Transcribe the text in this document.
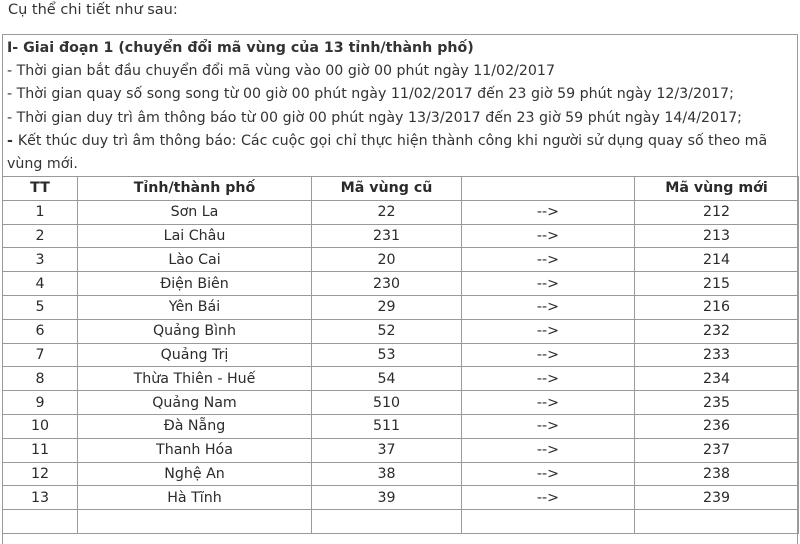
Cụ thể chi tiết như sau:
I- Giai đoạn 1 (chuyển đổi mã vùng của 13 tỉnh/thành phố)
- Thời gian bắt đầu chuyển đổi mã vùng vào 00 giờ 00 phút ngày 11/02/2017
- Thời gian quay số song song từ 00 giờ 00 phút ngày 11/02/2017 đến 23 giờ 59 phút ngày 12/3/2017;
- Thời gian duy trì âm thông báo từ 00 giờ 00 phút ngày 13/3/2017 đến 23 giờ 59 phút ngày 14/4/2017;
- Kết thúc duy trì âm thông báo: Các cuộc gọi chỉ thực hiện thành công khi người sử dụng quay số theo mã vùng mới.
TT	Tỉnh/thành phố	Mã vùng cũ		Mã vùng mới
1	Sơn La	22	-->	212
2	Lai Châu	231	-->	213
3	Lào Cai	20	-->	214
4	Điện Biên	230	-->	215
5	Yên Bái	29	-->	216
6	Quảng Bình	52	-->	232
7	Quảng Trị	53	-->	233
8	Thừa Thiên - Huế	54	-->	234
9	Quảng Nam	510	-->	235
10	Đà Nẵng	511	-->	236
11	Thanh Hóa	37	-->	237
12	Nghệ An	38	-->	238
13	Hà Tĩnh	39	-->	239
